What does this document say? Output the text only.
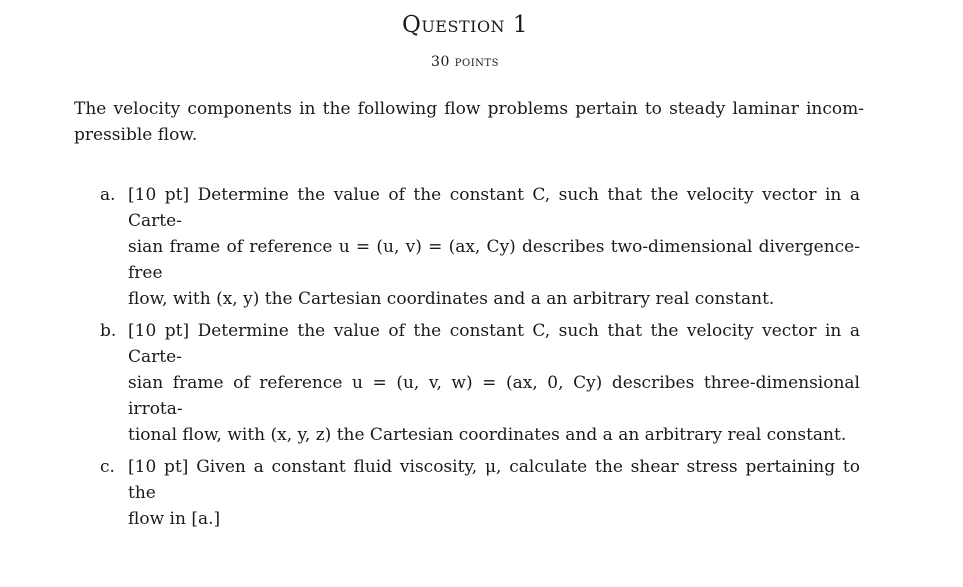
Question 1
30 points
The velocity components in the following flow problems pertain to steady laminar incom-
pressible flow.
a. [10 pt] Determine the value of the constant C, such that the velocity vector in a Carte-
sian frame of reference u = (u, v) = (ax, Cy) describes two-dimensional divergence-free
flow, with (x, y) the Cartesian coordinates and a an arbitrary real constant.
b. [10 pt] Determine the value of the constant C, such that the velocity vector in a Carte-
sian frame of reference u = (u, v, w) = (ax, 0, Cy) describes three-dimensional irrota-
tional flow, with (x, y, z) the Cartesian coordinates and a an arbitrary real constant.
c. [10 pt] Given a constant fluid viscosity, μ, calculate the shear stress pertaining to the
flow in [a.]
